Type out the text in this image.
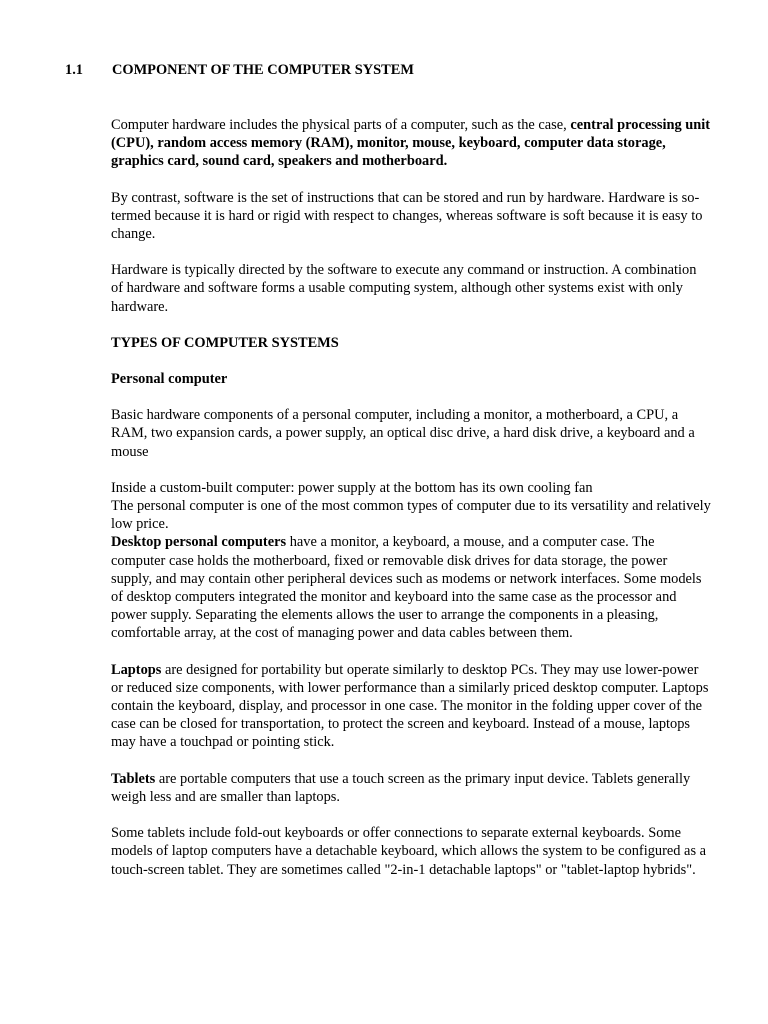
1.1 COMPONENT OF THE COMPUTER SYSTEM

Computer hardware includes the physical parts of a computer, such as the case, central processing unit (CPU), random access memory (RAM), monitor, mouse, keyboard, computer data storage, graphics card, sound card, speakers and motherboard.

By contrast, software is the set of instructions that can be stored and run by hardware. Hardware is so-termed because it is hard or rigid with respect to changes, whereas software is soft because it is easy to change.

Hardware is typically directed by the software to execute any command or instruction. A combination of hardware and software forms a usable computing system, although other systems exist with only hardware.

TYPES OF COMPUTER SYSTEMS

Personal computer

Basic hardware components of a personal computer, including a monitor, a motherboard, a CPU, a RAM, two expansion cards, a power supply, an optical disc drive, a hard disk drive, a keyboard and a mouse

Inside a custom-built computer: power supply at the bottom has its own cooling fan

The personal computer is one of the most common types of computer due to its versatility and relatively low price.

Desktop personal computers have a monitor, a keyboard, a mouse, and a computer case. The computer case holds the motherboard, fixed or removable disk drives for data storage, the power supply, and may contain other peripheral devices such as modems or network interfaces. Some models of desktop computers integrated the monitor and keyboard into the same case as the processor and power supply. Separating the elements allows the user to arrange the components in a pleasing, comfortable array, at the cost of managing power and data cables between them.

Laptops are designed for portability but operate similarly to desktop PCs. They may use lower-power or reduced size components, with lower performance than a similarly priced desktop computer. Laptops contain the keyboard, display, and processor in one case. The monitor in the folding upper cover of the case can be closed for transportation, to protect the screen and keyboard. Instead of a mouse, laptops may have a touchpad or pointing stick.

Tablets are portable computers that use a touch screen as the primary input device. Tablets generally weigh less and are smaller than laptops.

Some tablets include fold-out keyboards or offer connections to separate external keyboards. Some models of laptop computers have a detachable keyboard, which allows the system to be configured as a touch-screen tablet. They are sometimes called "2-in-1 detachable laptops" or "tablet-laptop hybrids".
